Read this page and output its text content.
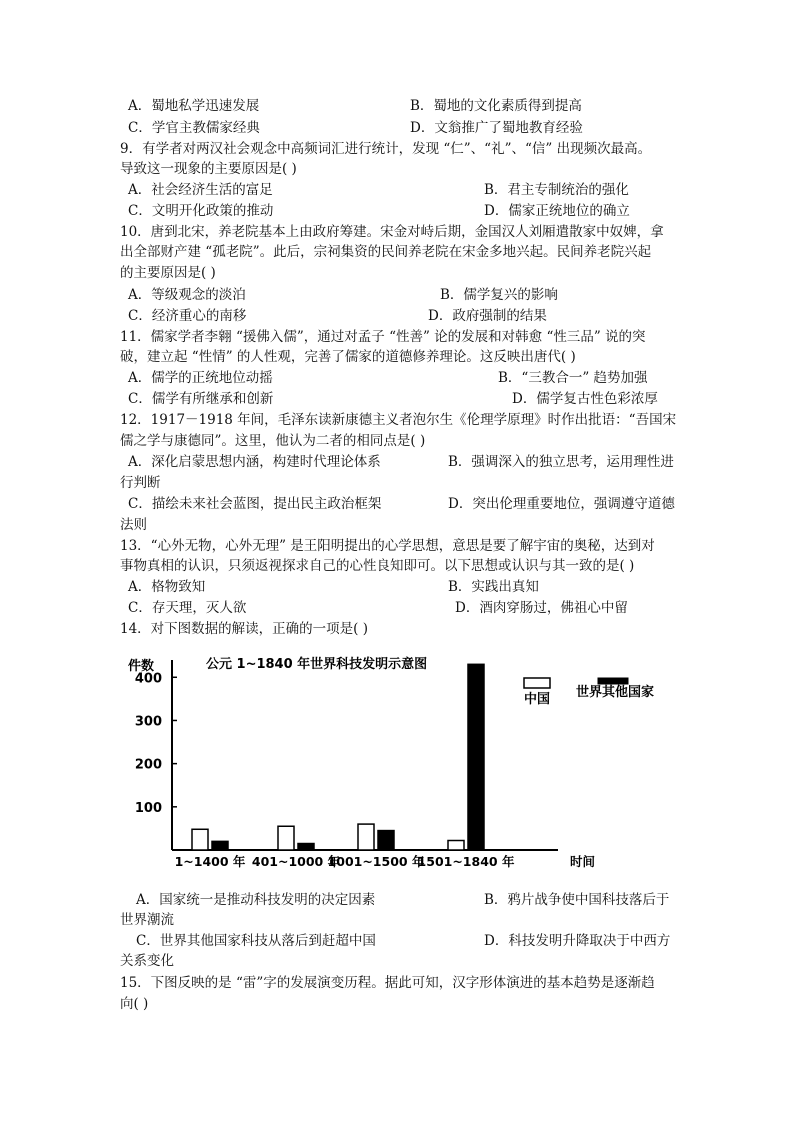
A．蜀地私学迅速发展	B．蜀地的文化素质得到提高
C．学官主教儒家经典	D．文翁推广了蜀地教育经验
9．有学者对两汉社会观念中高频词汇进行统计，发现 “仁”、“礼”、“信” 出现频次最高。
导致这一现象的主要原因是( )
A．社会经济生活的富足	B．君主专制统治的强化
C．文明开化政策的推动	D．儒家正统地位的确立
10．唐到北宋，养老院基本上由政府筹建。宋金对峙后期，金国汉人刘厢遣散家中奴婢，拿
出全部财产建 “孤老院”。此后，宗祠集资的民间养老院在宋金多地兴起。民间养老院兴起
的主要原因是( )
A．等级观念的淡泊	B．儒学复兴的影响
C．经济重心的南移	D．政府强制的结果
11．儒家学者李翱 “援佛入儒”，通过对孟子 “性善” 论的发展和对韩愈 “性三品” 说的突
破，建立起 “性情” 的人性观，完善了儒家的道德修养理论。这反映出唐代( )
A．儒学的正统地位动摇	B．“三教合一” 趋势加强
C．儒学有所继承和创新	D．儒学复古性色彩浓厚
12．1917－1918 年间，毛泽东读新康德主义者泡尔生《伦理学原理》时作出批语：“吾国宋
儒之学与康德同”。这里，他认为二者的相同点是( )
A．深化启蒙思想内涵，构建时代理论体系	B．强调深入的独立思考，运用理性进
行判断
C．描绘未来社会蓝图，提出民主政治框架	D．突出伦理重要地位，强调遵守道德
法则
13．“心外无物，心外无理” 是王阳明提出的心学思想，意思是要了解宇宙的奥秘，达到对
事物真相的认识，只须返视探求自己的心性良知即可。以下思想或认识与其一致的是( )
A．格物致知	B．实践出真知
C．存天理，灭人欲	D．酒肉穿肠过，佛祖心中留
14．对下图数据的解读，正确的一项是( )
400
300
200
100
件数	公元 1~1840 年世界科技发明示意图
1~1400 年 401~1000 年
1001~1500 年
1501~1840 年	时间
中国 世界其他国家
A．国家统一是推动科技发明的决定因素	B．鸦片战争使中国科技落后于
世界潮流
C．世界其他国家科技从落后到赶超中国	D．科技发明升降取决于中西方
关系变化
15．下图反映的是 “雷”字的发展演变历程。据此可知，汉字形体演进的基本趋势是逐渐趋
向( )
